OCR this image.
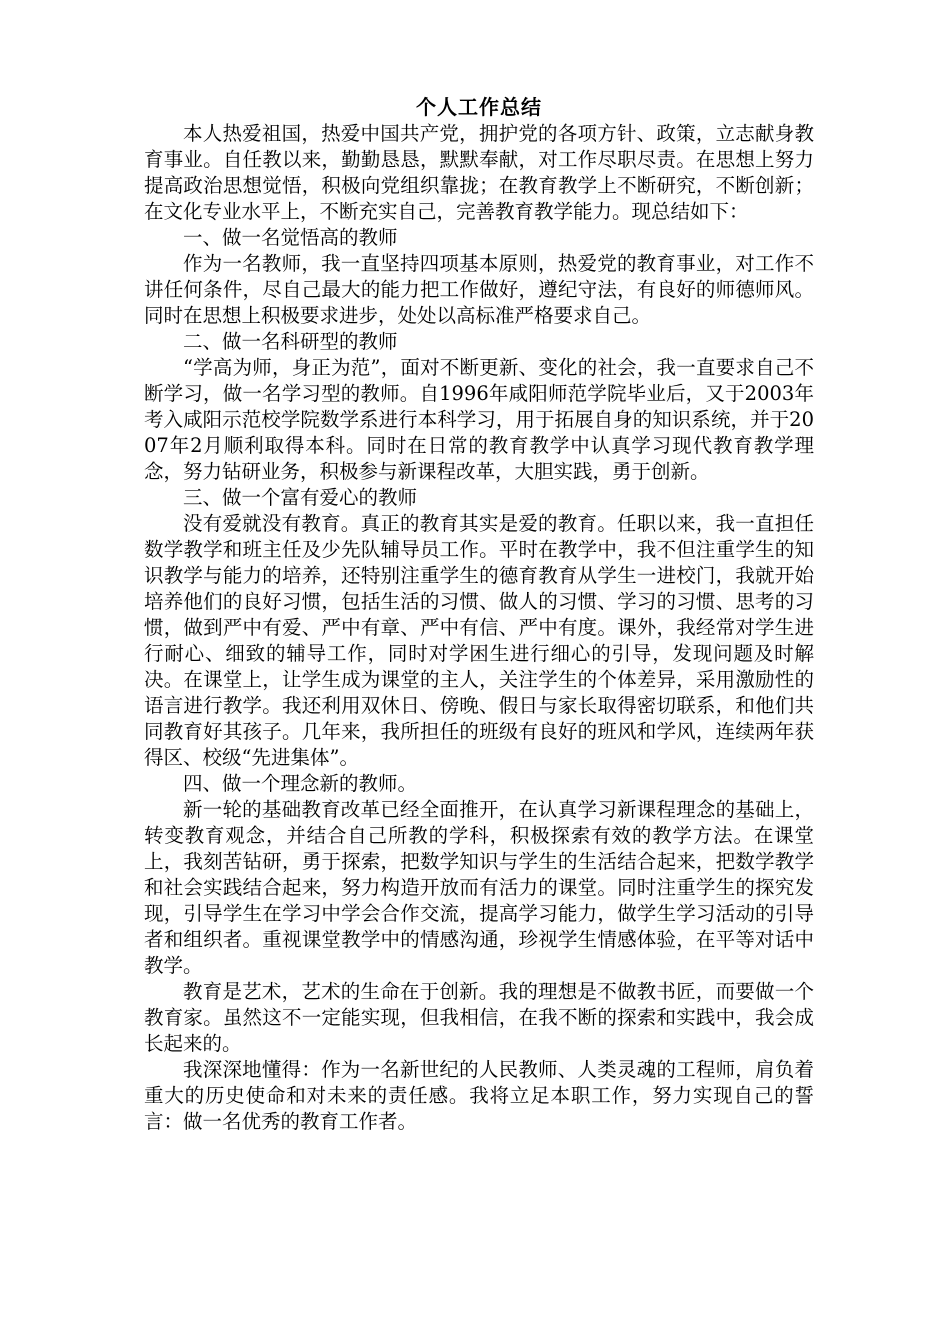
个人工作总结

本人热爱祖国，热爱中国共产党，拥护党的各项方针、政策，立志献身教育事业。自任教以来，勤勤恳恳，默默奉献，对工作尽职尽责。在思想上努力提高政治思想觉悟，积极向党组织靠拢；在教育教学上不断研究，不断创新；在文化专业水平上，不断充实自己，完善教育教学能力。现总结如下：

一、做一名觉悟高的教师

作为一名教师，我一直坚持四项基本原则，热爱党的教育事业，对工作不讲任何条件，尽自己最大的能力把工作做好，遵纪守法，有良好的师德师风。同时在思想上积极要求进步，处处以高标准严格要求自己。

二、做一名科研型的教师

“学高为师，身正为范”，面对不断更新、变化的社会，我一直要求自己不断学习，做一名学习型的教师。自1996年咸阳师范学院毕业后，又于2003年考入咸阳示范校学院数学系进行本科学习，用于拓展自身的知识系统，并于2007年2月顺利取得本科。同时在日常的教育教学中认真学习现代教育教学理念，努力钻研业务，积极参与新课程改革，大胆实践，勇于创新。

三、做一个富有爱心的教师

没有爱就没有教育。真正的教育其实是爱的教育。任职以来，我一直担任数学教学和班主任及少先队辅导员工作。平时在教学中，我不但注重学生的知识教学与能力的培养，还特别注重学生的德育教育从学生一进校门，我就开始培养他们的良好习惯，包括生活的习惯、做人的习惯、学习的习惯、思考的习惯，做到严中有爱、严中有章、严中有信、严中有度。课外，我经常对学生进行耐心、细致的辅导工作，同时对学困生进行细心的引导，发现问题及时解决。在课堂上，让学生成为课堂的主人，关注学生的个体差异，采用激励性的语言进行教学。我还利用双休日、傍晚、假日与家长取得密切联系，和他们共同教育好其孩子。几年来，我所担任的班级有良好的班风和学风，连续两年获得区、校级“先进集体”。

四、做一个理念新的教师。

新一轮的基础教育改革已经全面推开，在认真学习新课程理念的基础上，转变教育观念，并结合自己所教的学科，积极探索有效的教学方法。在课堂上，我刻苦钻研，勇于探索，把数学知识与学生的生活结合起来，把数学教学和社会实践结合起来，努力构造开放而有活力的课堂。同时注重学生的探究发现，引导学生在学习中学会合作交流，提高学习能力，做学生学习活动的引导者和组织者。重视课堂教学中的情感沟通，珍视学生情感体验，在平等对话中教学。

教育是艺术，艺术的生命在于创新。我的理想是不做教书匠，而要做一个教育家。虽然这不一定能实现，但我相信，在我不断的探索和实践中，我会成长起来的。

我深深地懂得：作为一名新世纪的人民教师、人类灵魂的工程师，肩负着重大的历史使命和对未来的责任感。我将立足本职工作，努力实现自己的誓言：做一名优秀的教育工作者。
